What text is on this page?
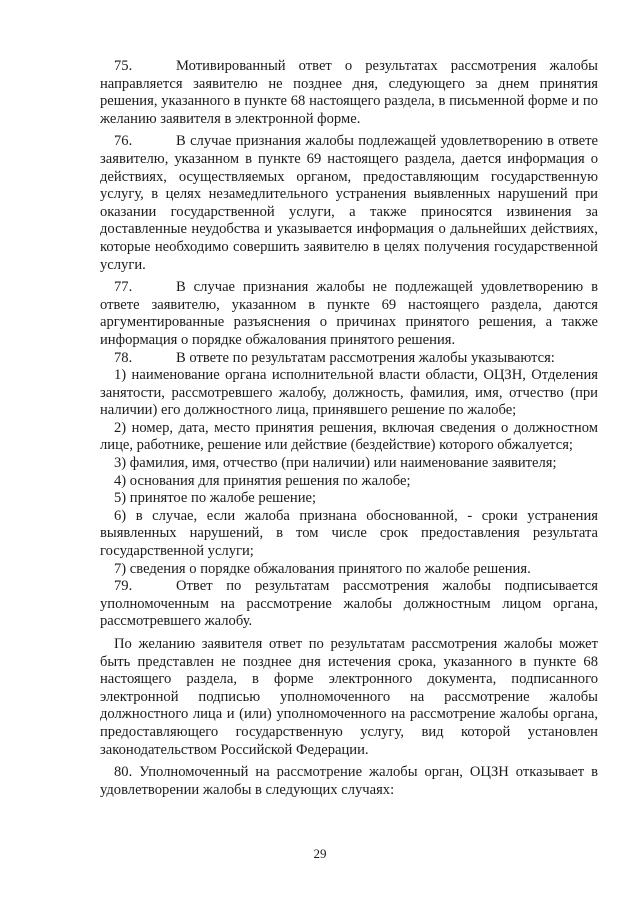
75.	Мотивированный ответ о результатах рассмотрения жалобы направляется заявителю не позднее дня, следующего за днем принятия решения, указанного в пункте 68 настоящего раздела, в письменной форме и по желанию заявителя в электронной форме.

76.	В случае признания жалобы подлежащей удовлетворению в ответе заявителю, указанном в пункте 69 настоящего раздела, дается информация о действиях, осуществляемых органом, предоставляющим государственную услугу, в целях незамедлительного устранения выявленных нарушений при оказании государственной услуги, а также приносятся извинения за доставленные неудобства и указывается информация о дальнейших действиях, которые необходимо совершить заявителю в целях получения государственной услуги.

77.	В случае признания жалобы не подлежащей удовлетворению в ответе заявителю, указанном в пункте 69 настоящего раздела, даются аргументированные разъяснения о причинах принятого решения, а также информация о порядке обжалования принятого решения.

78.	В ответе по результатам рассмотрения жалобы указываются:

1) наименование органа исполнительной власти области, ОЦЗН, Отделения занятости, рассмотревшего жалобу, должность, фамилия, имя, отчество (при наличии) его должностного лица, принявшего решение по жалобе;

2) номер, дата, место принятия решения, включая сведения о должностном лице, работнике, решение или действие (бездействие) которого обжалуется;

3) фамилия, имя, отчество (при наличии) или наименование заявителя;

4) основания для принятия решения по жалобе;

5) принятое по жалобе решение;

6) в случае, если жалоба признана обоснованной, - сроки устранения выявленных нарушений, в том числе срок предоставления результата государственной услуги;

7) сведения о порядке обжалования принятого по жалобе решения.

79.	Ответ по результатам рассмотрения жалобы подписывается уполномоченным на рассмотрение жалобы должностным лицом органа, рассмотревшего жалобу.

По желанию заявителя ответ по результатам рассмотрения жалобы может быть представлен не позднее дня истечения срока, указанного в пункте 68 настоящего раздела, в форме электронного документа, подписанного электронной подписью уполномоченного на рассмотрение жалобы должностного лица и (или) уполномоченного на рассмотрение жалобы органа, предоставляющего государственную услугу, вид которой установлен законодательством Российской Федерации.

80. Уполномоченный на рассмотрение жалобы орган, ОЦЗН отказывает в удовлетворении жалобы в следующих случаях:

29
